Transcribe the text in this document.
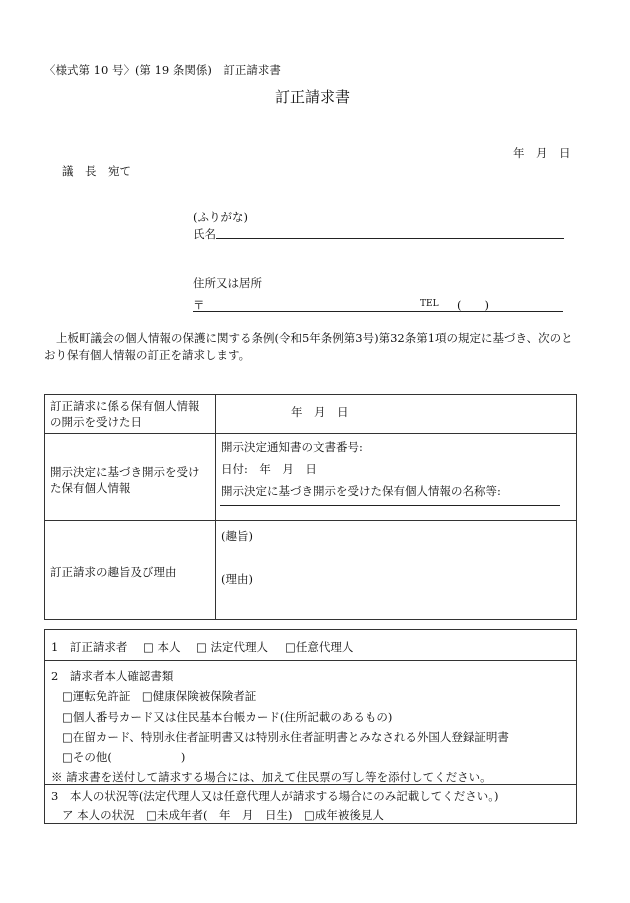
〈様式第 10 号〉(第 19 条関係)　訂正請求書
訂正請求書
年　月　日
議　長　宛て
(ふりがな)
氏名
住所又は居所
〒	TEL (　　)
上板町議会の個人情報の保護に関する条例(令和5年条例第3号)第32条第1項の規定に基づき、次のとおり保有個人情報の訂正を請求します。
訂正請求に係る保有個人情報の開示を受けた日	年　月　日

開示決定に基づき開示を受けた保有個人情報	開示決定通知書の文書番号:
日付:　年　月　日
開示決定に基づき開示を受けた保有個人情報の名称等:

訂正請求の趣旨及び理由	(趣旨)
(理由)
1　訂正請求者 □ 本人 □ 法定代理人 □任意代理人
2　請求者本人確認書類
□運転免許証　□健康保険被保険者証
□個人番号カード又は住民基本台帳カード(住所記載のあるもの)
□在留カード、特別永住者証明書又は特別永住者証明書とみなされる外国人登録証明書
□その他(　　　　　　)
※ 請求書を送付して請求する場合には、加えて住民票の写し等を添付してください。
3　本人の状況等(法定代理人又は任意代理人が請求する場合にのみ記載してください。)
ア 本人の状況　□未成年者(　年　月　日生)　□成年被後見人
